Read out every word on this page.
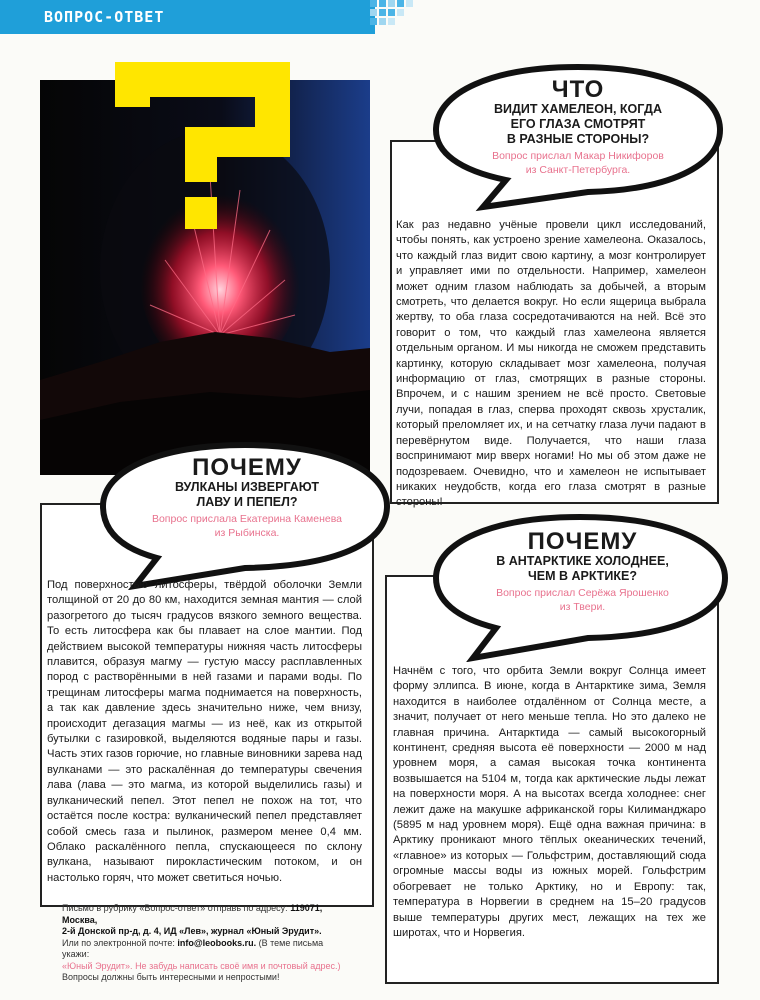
ВОПРОС-ОТВЕТ
ЧТО
ВИДИТ ХАМЕЛЕОН, КОГДА
ЕГО ГЛАЗА СМОТРЯТ
В РАЗНЫЕ СТОРОНЫ?
Вопрос прислал Макар Никифоров
из Санкт-Петербурга.
Как раз недавно учёные провели цикл исследований, чтобы понять, как устроено зрение хамелеона. Оказалось, что каждый глаз видит свою картину, а мозг контролирует и управляет ими по отдельности. Например, хамелеон может одним глазом наблюдать за добычей, а вторым смотреть, что делается вокруг. Но если ящерица выбрала жертву, то оба глаза сосредотачиваются на ней. Всё это говорит о том, что каждый глаз хамелеона является отдельным органом. И мы никогда не сможем представить картинку, которую складывает мозг хамелеона, получая информацию от глаз, смотрящих в разные стороны. Впрочем, и с нашим зрением не всё просто. Световые лучи, попадая в глаз, сперва проходят сквозь хрусталик, который преломляет их, и на сетчатку глаза лучи падают в перевёрнутом виде. Получается, что наши глаза воспринимают мир вверх ногами! Но мы об этом даже не подозреваем. Очевидно, что и хамелеон не испытывает никаких неудобств, когда его глаза смотрят в разные стороны!
ПОЧЕМУ
ВУЛКАНЫ ИЗВЕРГАЮТ
ЛАВУ И ПЕПЕЛ?
Вопрос прислала Екатерина Каменева
из Рыбинска.
Под поверхностью литосферы, твёрдой оболочки Земли толщиной от 20 до 80 км, находится земная мантия — слой разогретого до тысяч градусов вязкого земного вещества. То есть литосфера как бы плавает на слое мантии. Под действием высокой температуры нижняя часть литосферы плавится, образуя магму — густую массу расплавленных пород с растворёнными в ней газами и парами воды. По трещинам литосферы магма поднимается на поверхность, а так как давление здесь значительно ниже, чем внизу, происходит дегазация магмы — из неё, как из открытой бутылки с газировкой, выделяются водяные пары и газы. Часть этих газов горючие, но главные виновники зарева над вулканами — это раскалённая до температуры свечения лава (лава — это магма, из которой выделились газы) и вулканический пепел. Этот пепел не похож на тот, что остаётся после костра: вулканический пепел представляет собой смесь газа и пылинок, размером менее 0,4 мм. Облако раскалённого пепла, спускающееся по склону вулкана, называют пирокластическим потоком, и он настолько горяч, что может светиться ночью.
ПОЧЕМУ
В АНТАРКТИКЕ ХОЛОДНЕЕ,
ЧЕМ В АРКТИКЕ?
Вопрос прислал Серёжа Ярошенко
из Твери.
Начнём с того, что орбита Земли вокруг Солнца имеет форму эллипса. В июне, когда в Антарктике зима, Земля находится в наиболее отдалённом от Солнца месте, а значит, получает от него меньше тепла. Но это далеко не главная причина. Антарктида — самый высокогорный континент, средняя высота её поверхности — 2000 м над уровнем моря, а самая высокая точка континента возвышается на 5104 м, тогда как арктические льды лежат на поверхности моря. А на высотах всегда холоднее: снег лежит даже на макушке африканской горы Килиманджаро (5895 м над уровнем моря). Ещё одна важная причина: в Арктику проникают много тёплых океанических течений, «главное» из которых — Гольфстрим, доставляющий сюда огромные массы воды из южных морей. Гольфстрим обогревает не только Арктику, но и Европу: так, температура в Норвегии в среднем на 15–20 градусов выше температуры других мест, лежащих на тех же широтах, что и Норвегия.
Письмо в рубрику «Вопрос-ответ» отправь по адресу: 119071, Москва,
2-й Донской пр-д, д. 4, ИД «Лев», журнал «Юный Эрудит».
Или по электронной почте: info@leobooks.ru. (В теме письма укажи:
«Юный Эрудит». Не забудь написать своё имя и почтовый адрес.)
Вопросы должны быть интересными и непростыми!
